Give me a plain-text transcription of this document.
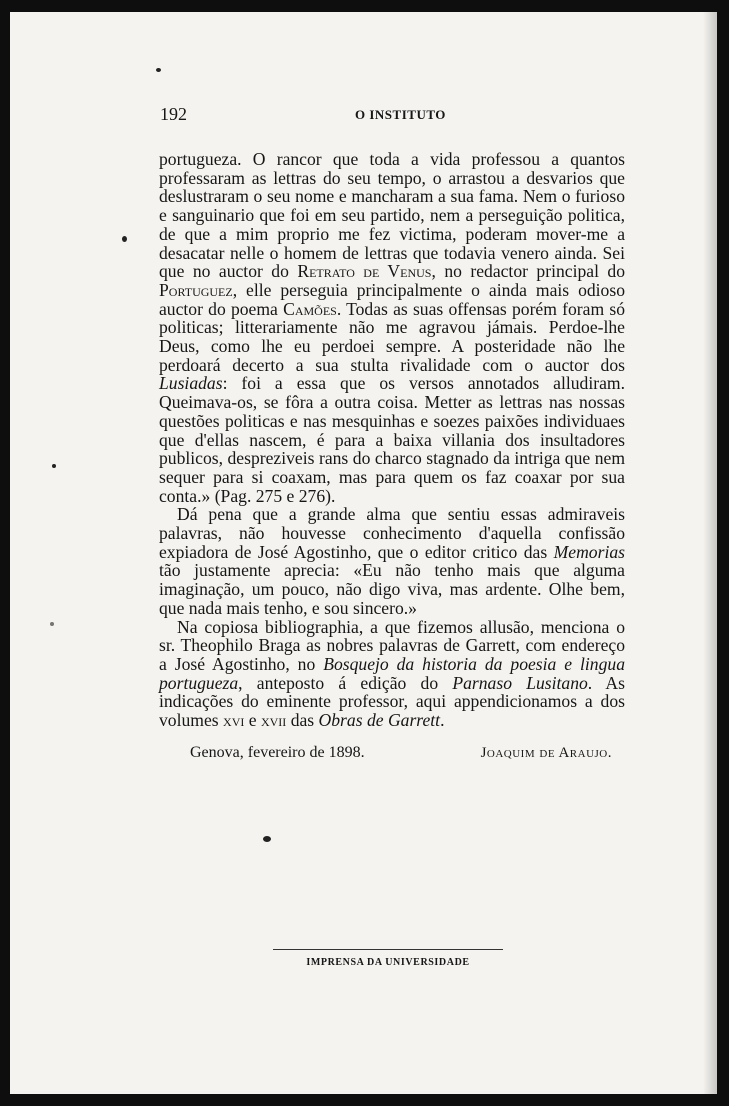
192	O INSTITUTO

portugueza. O rancor que toda a vida professou a quantos professaram as lettras do seu tempo, o arrastou a desvarios que deslustraram o seu nome e mancharam a sua fama. Nem o furioso e sanguinario que foi em seu partido, nem a perseguição politica, de que a mim proprio me fez victima, poderam mover-me a desacatar nelle o homem de lettras que todavia venero ainda. Sei que no auctor do Retrato de Venus, no redactor principal do Portuguez, elle perseguia principalmente o ainda mais odioso auctor do poema Camões. Todas as suas offensas porém foram só politicas; litterariamente não me agravou jámais. Perdoe-lhe Deus, como lhe eu perdoei sempre. A posteridade não lhe perdoará decerto a sua stulta rivalidade com o auctor dos Lusiadas: foi a essa que os versos annotados alludiram. Queimava-os, se fôra a outra coisa. Metter as lettras nas nossas questões politicas e nas mesquinhas e soezes paixões individuaes que d'ellas nascem, é para a baixa villania dos insultadores publicos, despreziveis rans do charco stagnado da intriga que nem sequer para si coaxam, mas para quem os faz coaxar por sua conta.» (Pag. 275 e 276).

Dá pena que a grande alma que sentiu essas admiraveis palavras, não houvesse conhecimento d'aquella confissão expiadora de José Agostinho, que o editor critico das Memorias tão justamente aprecia: «Eu não tenho mais que alguma imaginação, um pouco, não digo viva, mas ardente. Olhe bem, que nada mais tenho, e sou sincero.»

Na copiosa bibliographia, a que fizemos allusão, menciona o sr. Theophilo Braga as nobres palavras de Garrett, com endereço a José Agostinho, no Bosquejo da historia da poesia e lingua portugueza, anteposto á edição do Parnaso Lusitano. As indicações do eminente professor, aqui appendicionamos a dos volumes xvi e xvii das Obras de Garrett.

Genova, fevereiro de 1898.	Joaquim de Araujo.
IMPRENSA DA UNIVERSIDADE
